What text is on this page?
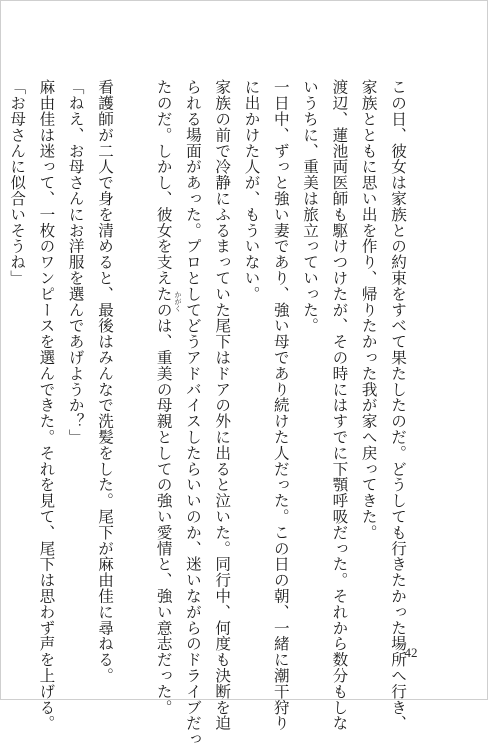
この日、彼女は家族との約束をすべて果たしたのだ。どうしても行きたかった場所へ行き、
家族とともに思い出を作り、帰りたかった我が家へ戻ってきた。
渡辺、蓮池両医師も駆けつけたが、その時にはすでに下顎呼吸だった。それから数分もしな
いうちに、重美は旅立っていった。
一日中、ずっと強い妻であり、強い母であり続けた人だった。この日の朝、一緒に潮干狩り
に出かけた人が、もういない。
家族の前で冷静にふるまっていた尾下はドアの外に出ると泣いた。同行中、何度も決断を迫
られる場面があった。プロとしてどうアドバイスしたらいいのか、迷いながらのドライブだっ
たのだ。しかし、彼女を支えたのは、重美の母親としての強い愛情と、強い意志だった。
看護師が二人で身を清めると、最後はみんなで洗髪をした。尾下が麻由佳に尋ねる。
「ねえ、お母さんにお洋服を選んであげようか？」
麻由佳は迷って、一枚のワンピースを選んできた。それを見て、尾下は思わず声を上げる。
「お母さんに似合いそうね」
かがく
42
